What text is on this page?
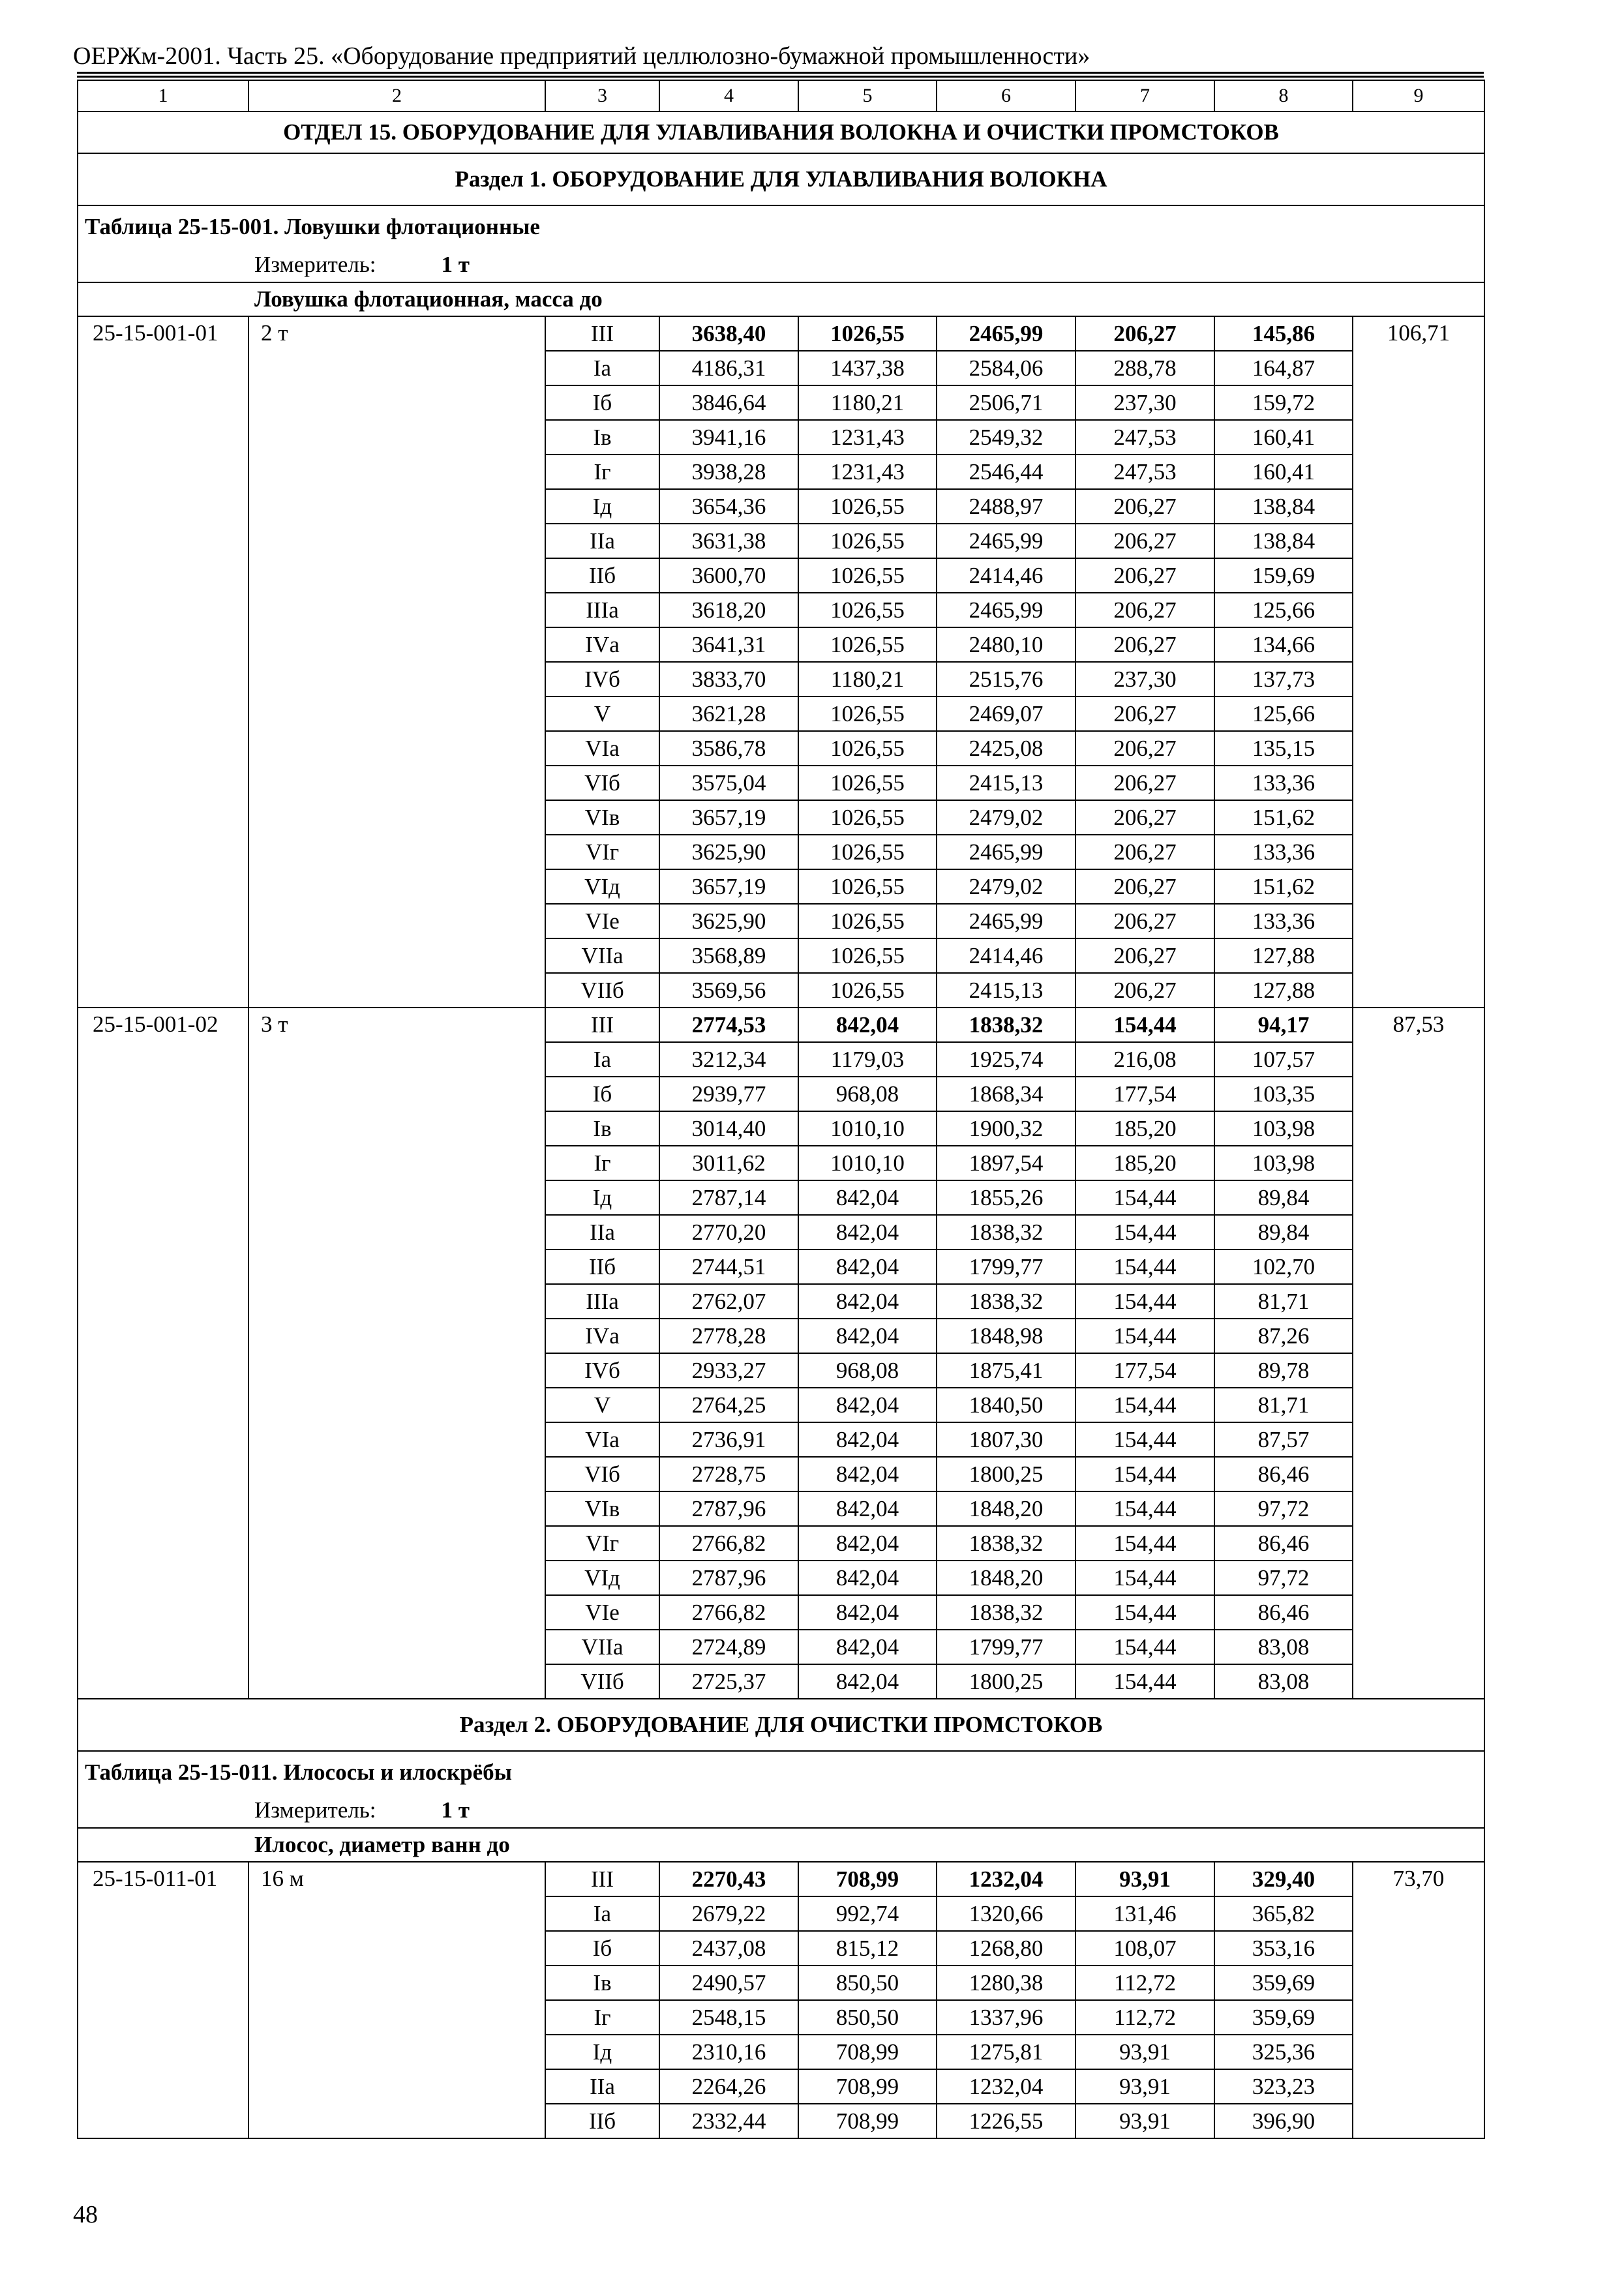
ОЕРЖм-2001. Часть 25. «Оборудование предприятий целлюлозно-бумажной промышленности»
1	2	3	4	5	6	7	8	9
ОТДЕЛ 15. ОБОРУДОВАНИЕ ДЛЯ УЛАВЛИВАНИЯ ВОЛОКНА И ОЧИСТКИ ПРОМСТОКОВ								
Раздел 1. ОБОРУДОВАНИЕ ДЛЯ УЛАВЛИВАНИЯ ВОЛОКНА								
Таблица 25-15-001. Ловушки флотационные								
Измеритель: 1 т								
Ловушка флотационная, масса до								
25-15-001-01	2 т	III	3638,40	1026,55	2465,99	206,27	145,86	106,71
		Iа	4186,31	1437,38	2584,06	288,78	164,87	
		Iб	3846,64	1180,21	2506,71	237,30	159,72	
		Iв	3941,16	1231,43	2549,32	247,53	160,41	
		Iг	3938,28	1231,43	2546,44	247,53	160,41	
		Iд	3654,36	1026,55	2488,97	206,27	138,84	
		IIа	3631,38	1026,55	2465,99	206,27	138,84	
		IIб	3600,70	1026,55	2414,46	206,27	159,69	
		IIIа	3618,20	1026,55	2465,99	206,27	125,66	
		IVа	3641,31	1026,55	2480,10	206,27	134,66	
		IVб	3833,70	1180,21	2515,76	237,30	137,73	
		V	3621,28	1026,55	2469,07	206,27	125,66	
		VIа	3586,78	1026,55	2425,08	206,27	135,15	
		VIб	3575,04	1026,55	2415,13	206,27	133,36	
		VIв	3657,19	1026,55	2479,02	206,27	151,62	
		VIг	3625,90	1026,55	2465,99	206,27	133,36	
		VIд	3657,19	1026,55	2479,02	206,27	151,62	
		VIе	3625,90	1026,55	2465,99	206,27	133,36	
		VIIа	3568,89	1026,55	2414,46	206,27	127,88	
		VIIб	3569,56	1026,55	2415,13	206,27	127,88	
25-15-001-02	3 т	III	2774,53	842,04	1838,32	154,44	94,17	87,53
		Iа	3212,34	1179,03	1925,74	216,08	107,57	
		Iб	2939,77	968,08	1868,34	177,54	103,35	
		Iв	3014,40	1010,10	1900,32	185,20	103,98	
		Iг	3011,62	1010,10	1897,54	185,20	103,98	
		Iд	2787,14	842,04	1855,26	154,44	89,84	
		IIа	2770,20	842,04	1838,32	154,44	89,84	
		IIб	2744,51	842,04	1799,77	154,44	102,70	
		IIIа	2762,07	842,04	1838,32	154,44	81,71	
		IVа	2778,28	842,04	1848,98	154,44	87,26	
		IVб	2933,27	968,08	1875,41	177,54	89,78	
		V	2764,25	842,04	1840,50	154,44	81,71	
		VIа	2736,91	842,04	1807,30	154,44	87,57	
		VIб	2728,75	842,04	1800,25	154,44	86,46	
		VIв	2787,96	842,04	1848,20	154,44	97,72	
		VIг	2766,82	842,04	1838,32	154,44	86,46	
		VIд	2787,96	842,04	1848,20	154,44	97,72	
		VIе	2766,82	842,04	1838,32	154,44	86,46	
		VIIа	2724,89	842,04	1799,77	154,44	83,08	
		VIIб	2725,37	842,04	1800,25	154,44	83,08	
Раздел 2. ОБОРУДОВАНИЕ ДЛЯ ОЧИСТКИ ПРОМСТОКОВ								
Таблица 25-15-011. Илососы и илоскрёбы								
Измеритель: 1 т								
Илосос, диаметр ванн до								
25-15-011-01	16 м	III	2270,43	708,99	1232,04	93,91	329,40	73,70
		Iа	2679,22	992,74	1320,66	131,46	365,82	
		Iб	2437,08	815,12	1268,80	108,07	353,16	
		Iв	2490,57	850,50	1280,38	112,72	359,69	
		Iг	2548,15	850,50	1337,96	112,72	359,69	
		Iд	2310,16	708,99	1275,81	93,91	325,36	
		IIа	2264,26	708,99	1232,04	93,91	323,23	
		IIб	2332,44	708,99	1226,55	93,91	396,90	
48
